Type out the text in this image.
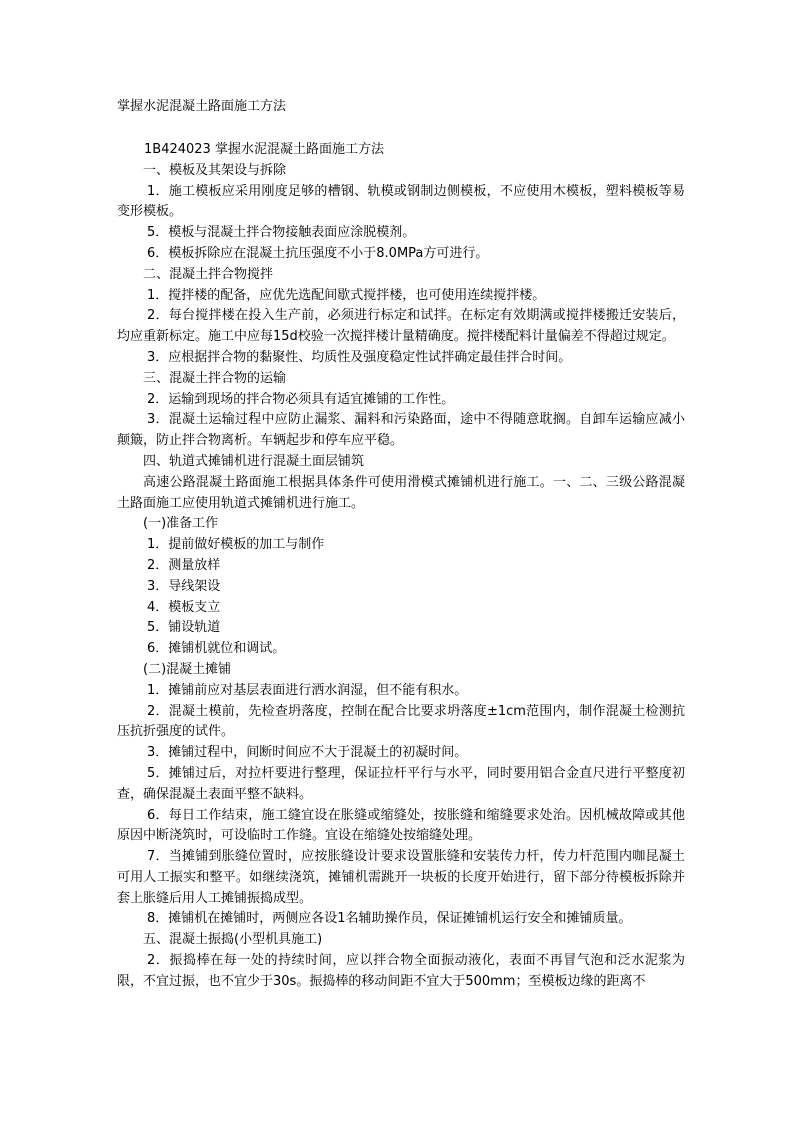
掌握水泥混凝土路面施工方法

1B424023 掌握水泥混凝土路面施工方法

一、模板及其架设与拆除

1．施工模板应采用刚度足够的槽钢、轨模或钢制边侧模板，不应使用木模板，塑料模板等易变形模板。

5．模板与混凝土拌合物接触表面应涂脱模剂。

6．模板拆除应在混凝土抗压强度不小于8.0MPa方可进行。

二、混凝土拌合物搅拌

1．搅拌楼的配备，应优先选配间歇式搅拌楼，也可使用连续搅拌楼。

2．每台搅拌楼在投入生产前，必须进行标定和试拌。在标定有效期满或搅拌楼搬迁安装后，均应重新标定。施工中应每15d校验一次搅拌楼计量精确度。搅拌楼配料计量偏差不得超过规定。

3．应根据拌合物的黏聚性、均质性及强度稳定性试拌确定最佳拌合时间。

三、混凝土拌合物的运输

2．运输到现场的拌合物必须具有适宜摊铺的工作性。

3．混凝土运输过程中应防止漏浆、漏料和污染路面，途中不得随意耽搁。自卸车运输应减小颠簸，防止拌合物离析。车辆起步和停车应平稳。

四、轨道式摊铺机进行混凝土面层铺筑

高速公路混凝土路面施工根据具体条件可使用滑模式摊铺机进行施工。一、二、三级公路混凝土路面施工应使用轨道式摊铺机进行施工。

(一)准备工作

1．提前做好模板的加工与制作

2．测量放样

3．导线架设

4．模板支立

5．铺设轨道

6．摊铺机就位和调试。

(二)混凝土摊铺

1．摊铺前应对基层表面进行洒水润湿，但不能有积水。

2．混凝土模前，先检查坍落度，控制在配合比要求坍落度±1cm范围内，制作混凝土检测抗压抗折强度的试件。

3．摊铺过程中，间断时间应不大于混凝土的初凝时间。

5．摊铺过后，对拉杆要进行整理，保证拉杆平行与水平，同时要用铝合金直尺进行平整度初查，确保混凝土表面平整不缺料。

6．每日工作结束，施工缝宜设在胀缝或缩缝处，按胀缝和缩缝要求处治。因机械故障或其他原因中断浇筑时，可设临时工作缝。宜设在缩缝处按缩缝处理。

7．当摊铺到胀缝位置时，应按胀缝设计要求设置胀缝和安装传力杆，传力杆范围内咖昆凝土可用人工振实和整平。如继续浇筑，摊铺机需跳开一块板的长度开始进行，留下部分待模板拆除并套上胀缝后用人工摊铺振捣成型。

8．摊铺机在摊铺时，两侧应各设1名辅助操作员，保证摊铺机运行安全和摊铺质量。

五、混凝土振捣(小型机具施工)

2．振捣棒在每一处的持续时间，应以拌合物全面振动液化，表面不再冒气泡和泛水泥浆为限，不宜过振，也不宜少于30s。振捣棒的移动间距不宜大于500mm；至模板边缘的距离不
